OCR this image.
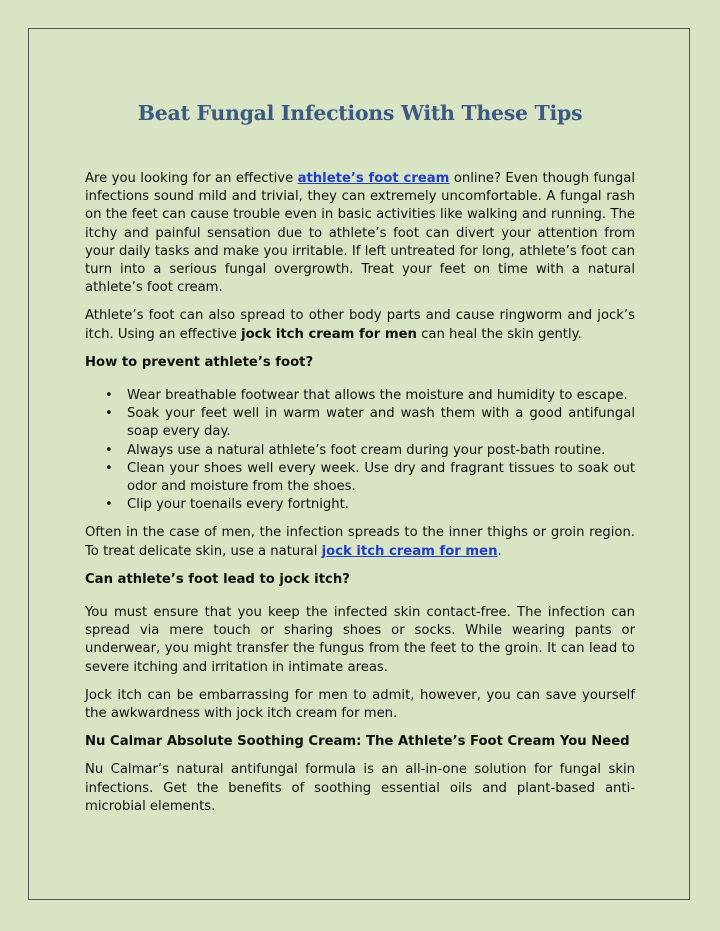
Beat Fungal Infections With These Tips

Are you looking for an effective athlete’s foot cream online? Even though fungal infections sound mild and trivial, they can extremely uncomfortable. A fungal rash on the feet can cause trouble even in basic activities like walking and running. The itchy and painful sensation due to athlete’s foot can divert your attention from your daily tasks and make you irritable. If left untreated for long, athlete’s foot can turn into a serious fungal overgrowth. Treat your feet on time with a natural athlete’s foot cream.

Athlete’s foot can also spread to other body parts and cause ringworm and jock’s itch. Using an effective jock itch cream for men can heal the skin gently.

How to prevent athlete’s foot?

• Wear breathable footwear that allows the moisture and humidity to escape.
• Soak your feet well in warm water and wash them with a good antifungal soap every day.
• Always use a natural athlete’s foot cream during your post-bath routine.
• Clean your shoes well every week. Use dry and fragrant tissues to soak out odor and moisture from the shoes.
• Clip your toenails every fortnight.

Often in the case of men, the infection spreads to the inner thighs or groin region. To treat delicate skin, use a natural jock itch cream for men.

Can athlete’s foot lead to jock itch?

You must ensure that you keep the infected skin contact-free. The infection can spread via mere touch or sharing shoes or socks. While wearing pants or underwear, you might transfer the fungus from the feet to the groin. It can lead to severe itching and irritation in intimate areas.

Jock itch can be embarrassing for men to admit, however, you can save yourself the awkwardness with jock itch cream for men.

Nu Calmar Absolute Soothing Cream: The Athlete’s Foot Cream You Need

Nu Calmar’s natural antifungal formula is an all-in-one solution for fungal skin infections. Get the benefits of soothing essential oils and plant-based anti-microbial elements.
